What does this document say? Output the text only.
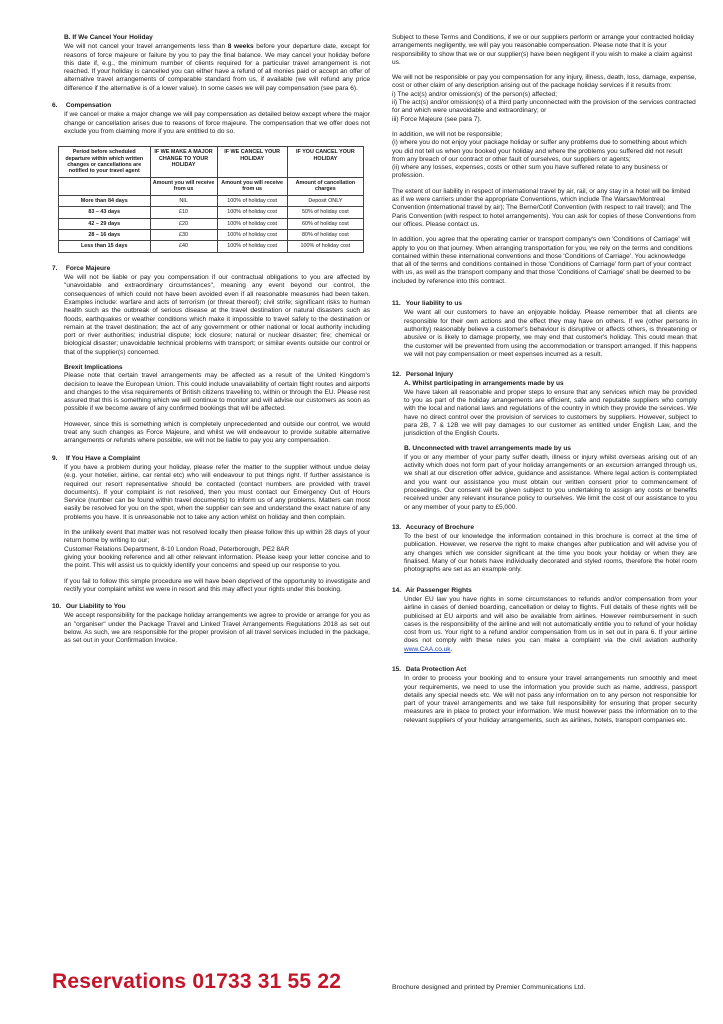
B. If We Cancel Your Holiday
We will not cancel your travel arrangements less than 8 weeks before your departure date, except for reasons of force majeure or failure by you to pay the final balance. We may cancel your holiday before this date if, e.g., the minimum number of clients required for a particular travel arrangement is not reached. If your holiday is cancelled you can either have a refund of all monies paid or accept an offer of alternative travel arrangements of comparable standard from us, if available (we will refund any price difference if the alternative is of a lower value). In some cases we will pay compensation (see para 6).
6. Compensation
If we cancel or make a major change we will pay compensation as detailed below except where the major change or cancellation arises due to reasons of force majeure. The compensation that we offer does not exclude you from claiming more if you are entitled to do so.
Period before scheduled departure within which written changes or cancellations are notified to your travel agent	IF WE MAKE A MAJOR CHANGE TO YOUR HOLIDAY	IF WE CANCEL YOUR HOLIDAY	IF YOU CANCEL YOUR HOLIDAY
	Amount you will receive from us	Amount you will receive from us	Amount of cancellation charges
More than 84 days	NIL	100% of holiday cost	Deposit ONLY
83 – 43 days	£10	100% of holiday cost	50% of holiday cost
42 – 29 days	£20	100% of holiday cost	60% of holiday cost
28 – 16 days	£30	100% of holiday cost	80% of holiday cost
Less than 15 days	£40	100% of holiday cost	100% of holiday cost
7. Force Majeure
We will not be liable or pay you compensation if our contractual obligations to you are affected by "unavoidable and extraordinary circumstances", meaning any event beyond our control, the consequences of which could not have been avoided even if all reasonable measures had been taken. Examples include: warfare and acts of terrorism (or threat thereof); civil strife; significant risks to human health such as the outbreak of serious disease at the travel destination or natural disasters such as floods, earthquakes or weather conditions which make it impossible to travel safely to the destination or remain at the travel destination; the act of any government or other national or local authority including port or river authorities; industrial dispute; lock closure; natural or nuclear disaster; fire; chemical or biological disaster; unavoidable technical problems with transport; or similar events outside our control or that of the supplier(s) concerned.
Brexit Implications
Please note that certain travel arrangements may be affected as a result of the United Kingdom's decision to leave the European Union. This could include unavailability of certain flight routes and airports and changes to the visa requirements of British citizens travelling to, within or through the EU. Please rest assured that this is something which we will continue to monitor and will advise our customers as soon as possible if we become aware of any confirmed bookings that will be affected.
However, since this is something which is completely unprecedented and outside our control, we would treat any such changes as Force Majeure, and whilst we will endeavour to provide suitable alternative arrangements or refunds where possible, we will not be liable to pay you any compensation.
9. If You Have a Complaint
If you have a problem during your holiday, please refer the matter to the supplier without undue delay (e.g. your hotelier, airline, car rental etc) who will endeavour to put things right. If further assistance is required our resort representative should be contacted (contact numbers are provided with travel documents). If your complaint is not resolved, then you must contact our Emergency Out of Hours Service (number can be found within travel documents) to inform us of any problems. Matters can most easily be resolved for you on the spot, when the supplier can see and understand the exact nature of any problems you have. It is unreasonable not to take any action whilst on holiday and then complain.
In the unlikely event that matter was not resolved locally then please follow this up within 28 days of your return home by writing to our;
Customer Relations Department, 8-10 London Road, Peterborough, PE2 8AR
giving your booking reference and all other relevant information. Please keep your letter concise and to the point. This will assist us to quickly identify your concerns and speed up our response to you.
If you fail to follow this simple procedure we will have been deprived of the opportunity to investigate and rectify your complaint whilst we were in resort and this may affect your rights under this booking.
10. Our Liability to You
We accept responsibility for the package holiday arrangements we agree to provide or arrange for you as an "organiser" under the Package Travel and Linked Travel Arrangements Regulations 2018 as set out below. As such, we are responsible for the proper provision of all travel services included in the package, as set out in your Confirmation Invoice.
Subject to these Terms and Conditions, if we or our suppliers perform or arrange your contracted holiday arrangements negligently, we will pay you reasonable compensation. Please note that it is your responsibility to show that we or our supplier(s) have been negligent if you wish to make a claim against us.
We will not be responsible or pay you compensation for any injury, illness, death, loss, damage, expense, cost or other claim of any description arising out of the package holiday services if it results from:
i) The act(s) and/or omission(s) of the person(s) affected;
ii) The act(s) and/or omission(s) of a third party unconnected with the provision of the services contracted for and which were unavoidable and extraordinary; or
iii) Force Majeure (see para 7).
In addition, we will not be responsible;
(i) where you do not enjoy your package holiday or suffer any problems due to something about which you did not tell us when you booked your holiday and where the problems you suffered did not result from any breach of our contract or other fault of ourselves, our suppliers or agents;
(ii) where any losses, expenses, costs or other sum you have suffered relate to any business or profession.
The extent of our liability in respect of international travel by air, rail, or any stay in a hotel will be limited as if we were carriers under the appropriate Conventions, which include The Warsaw/Montreal Convention (international travel by air); The Berne/Cotif Convention (with respect to rail travel); and The Paris Convention (with respect to hotel arrangements). You can ask for copies of these Conventions from our offices. Please contact us.
In addition, you agree that the operating carrier or transport company's own 'Conditions of Carriage' will apply to you on that journey. When arranging transportation for you, we rely on the terms and conditions contained within these international conventions and those 'Conditions of Carriage'. You acknowledge that all of the terms and conditions contained in those 'Conditions of Carriage' form part of your contract with us, as well as the transport company and that those 'Conditions of Carriage' shall be deemed to be included by reference into this contract.
11. Your liability to us
We want all our customers to have an enjoyable holiday. Please remember that all clients are responsible for their own actions and the effect they may have on others. If we (other persons in authority) reasonably believe a customer's behaviour is disruptive or affects others, is threatening or abusive or is likely to damage property, we may end that customer's holiday. This could mean that the customer will be prevented from using the accommodation or transport arranged. If this happens we will not pay compensation or meet expenses incurred as a result.
12. Personal Injury
A. Whilst participating in arrangements made by us
We have taken all reasonable and proper steps to ensure that any services which may be provided to you as part of the holiday arrangements are efficient, safe and reputable suppliers who comply with the local and national laws and regulations of the country in which they provide the services. We have no direct control over the provision of services to customers by suppliers. However, subject to para 2B, 7 & 12B we will pay damages to our customer as entitled under English Law, and the jurisdiction of the English Courts.
B. Unconnected with travel arrangements made by us
If you or any member of your party suffer death, illness or injury whilst overseas arising out of an activity which does not form part of your holiday arrangements or an excursion arranged through us, we shall at our discretion offer advice, guidance and assistance. Where legal action is contemplated and you want our assistance you must obtain our written consent prior to commencement of proceedings. Our consent will be given subject to you undertaking to assign any costs or benefits received under any relevant insurance policy to ourselves. We limit the cost of our assistance to you or any member of your party to £5,000.
13. Accuracy of Brochure
To the best of our knowledge the information contained in this brochure is correct at the time of publication. However, we reserve the right to make changes after publication and will advise you of any changes which we consider significant at the time you book your holiday or when they are finalised. Many of our hotels have individually decorated and styled rooms, therefore the hotel room photographs are set as an example only.
14. Air Passenger Rights
Under EU law you have rights in some circumstances to refunds and/or compensation from your airline in cases of denied boarding, cancellation or delay to flights. Full details of these rights will be publicised at EU airports and will also be available from airlines. However reimbursement in such cases is the responsibility of the airline and will not automatically entitle you to refund of your holiday cost from us. Your right to a refund and/or compensation from us in set out in para 6. If your airline does not comply with these rules you can make a complaint via the civil aviation authority www.CAA.co.uk.
15. Data Protection Act
In order to process your booking and to ensure your travel arrangements run smoothly and meet your requirements, we need to use the information you provide such as name, address, passport details any special needs etc. We will not pass any information on to any person not responsible for part of your travel arrangements and we take full responsibility for ensuring that proper security measures are in place to protect your information. We must however pass the information on to the relevant suppliers of your holiday arrangements, such as airlines, hotels, transport companies etc.
Reservations 01733 31 55 22	Brochure designed and printed by Premier Communications Ltd.
